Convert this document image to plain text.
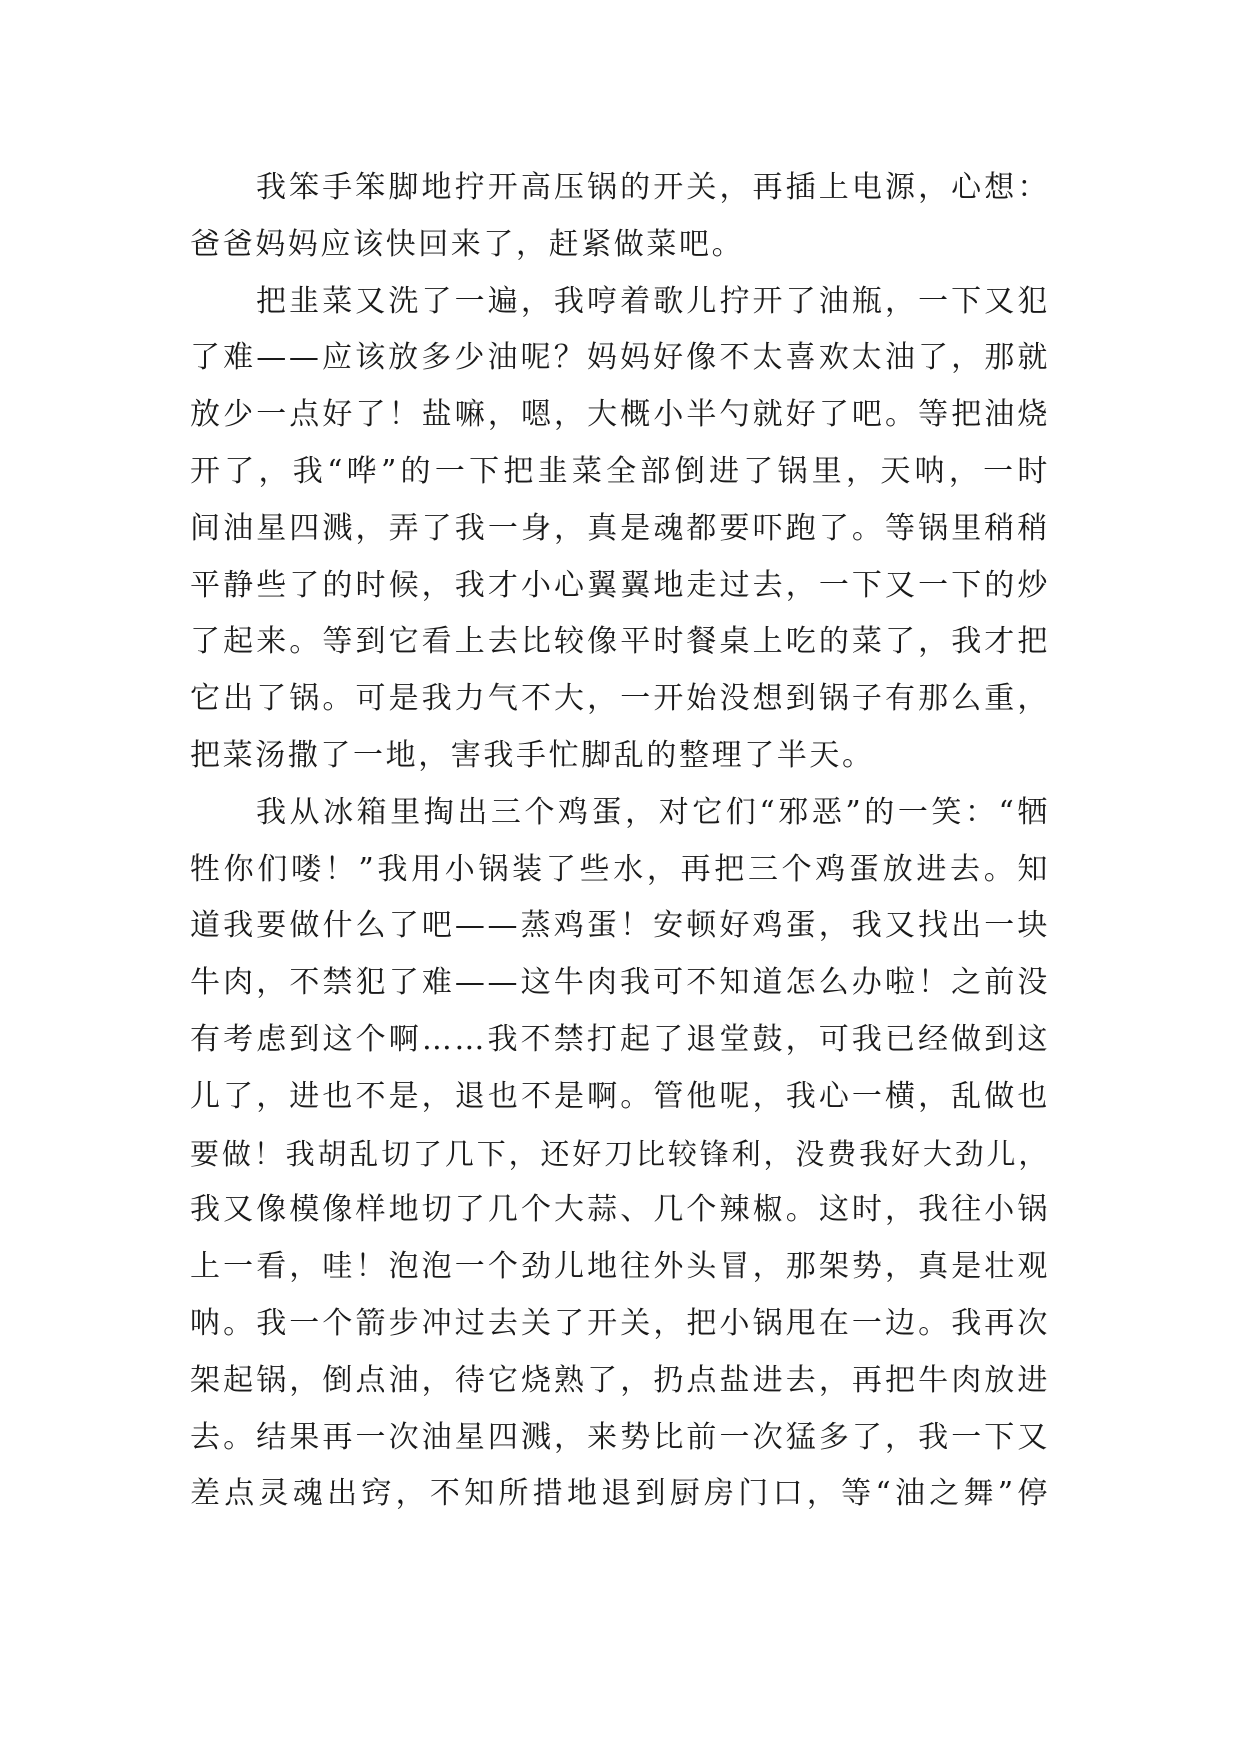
我笨手笨脚地拧开高压锅的开关，再插上电源，心想：
爸爸妈妈应该快回来了，赶紧做菜吧。
把韭菜又洗了一遍，我哼着歌儿拧开了油瓶，一下又犯
了难——应该放多少油呢？妈妈好像不太喜欢太油了，那就
放少一点好了！盐嘛，嗯，大概小半勺就好了吧。等把油烧
开了，我“哗”的一下把韭菜全部倒进了锅里，天呐，一时
间油星四溅，弄了我一身，真是魂都要吓跑了。等锅里稍稍
平静些了的时候，我才小心翼翼地走过去，一下又一下的炒
了起来。等到它看上去比较像平时餐桌上吃的菜了，我才把
它出了锅。可是我力气不大，一开始没想到锅子有那么重，
把菜汤撒了一地，害我手忙脚乱的整理了半天。
我从冰箱里掏出三个鸡蛋，对它们“邪恶”的一笑：“牺
牲你们喽！”我用小锅装了些水，再把三个鸡蛋放进去。知
道我要做什么了吧——蒸鸡蛋！安顿好鸡蛋，我又找出一块
牛肉，不禁犯了难——这牛肉我可不知道怎么办啦！之前没
有考虑到这个啊……我不禁打起了退堂鼓，可我已经做到这
儿了，进也不是，退也不是啊。管他呢，我心一横，乱做也
要做！我胡乱切了几下，还好刀比较锋利，没费我好大劲儿，
我又像模像样地切了几个大蒜、几个辣椒。这时，我往小锅
上一看，哇！泡泡一个劲儿地往外头冒，那架势，真是壮观
呐。我一个箭步冲过去关了开关，把小锅甩在一边。我再次
架起锅，倒点油，待它烧熟了，扔点盐进去，再把牛肉放进
去。结果再一次油星四溅，来势比前一次猛多了，我一下又
差点灵魂出窍，不知所措地退到厨房门口，等“油之舞”停
